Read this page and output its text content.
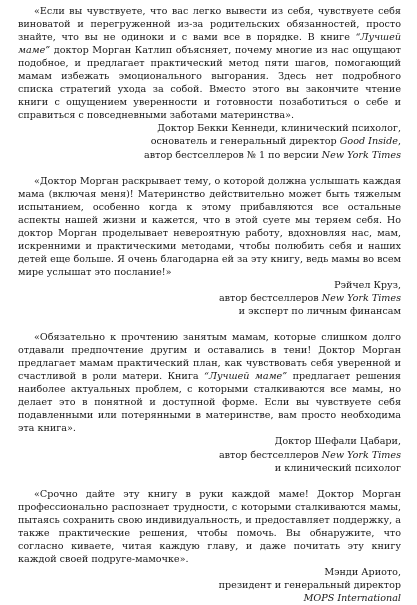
«Если вы чувствуете, что вас легко вывести из себя, чувствуете себя виноватой и перегруженной из-за родительских обязанностей, просто знайте, что вы не одиноки и с вами все в порядке. В книге “Лучшей маме” доктор Морган Катлип объясняет, почему многие из нас ощущают подобное, и предлагает практический метод пяти шагов, помогающий мамам избежать эмоционального выгорания. Здесь нет подробного списка стратегий ухода за собой. Вместо этого вы закончите чтение книги с ощущением уверенности и готовности позаботиться о себе и справиться с повседневными заботами материнства».

Доктор Бекки Кеннеди, клинический психолог,
основатель и генеральный директор Good Inside,
автор бестселлеров № 1 по версии New York Times

«Доктор Морган раскрывает тему, о которой должна услышать каждая мама (включая меня)! Материнство действительно может быть тяжелым испытанием, особенно когда к этому прибавляются все остальные аспекты нашей жизни и кажется, что в этой суете мы теряем себя. Но доктор Морган проделывает невероятную работу, вдохновляя нас, мам, искренними и практическими методами, чтобы полюбить себя и наших детей еще больше. Я очень благодарна ей за эту книгу, ведь мамы во всем мире услышат это послание!»

Рэйчел Круз,
автор бестселлеров New York Times
и эксперт по личным финансам

«Обязательно к прочтению занятым мамам, которые слишком долго отдавали предпочтение другим и оставались в тени! Доктор Морган предлагает мамам практический план, как чувствовать себя уверенной и счастливой в роли матери. Книга “Лучшей маме” предлагает решения наиболее актуальных проблем, с которыми сталкиваются все мамы, но делает это в понятной и доступной форме. Если вы чувствуете себя подавленными или потерянными в материнстве, вам просто необходима эта книга».

Доктор Шефали Цабари,
автор бестселлеров New York Times
и клинический психолог

«Срочно дайте эту книгу в руки каждой маме! Доктор Морган профессионально распознает трудности, с которыми сталкиваются мамы, пытаясь сохранить свою индивидуальность, и предоставляет поддержку, а также практические решения, чтобы помочь. Вы обнаружите, что согласно киваете, читая каждую главу, и даже почитать эту книгу каждой своей подруге-мамочке».

Мэнди Ариото,
президент и генеральный директор
MOPS International
